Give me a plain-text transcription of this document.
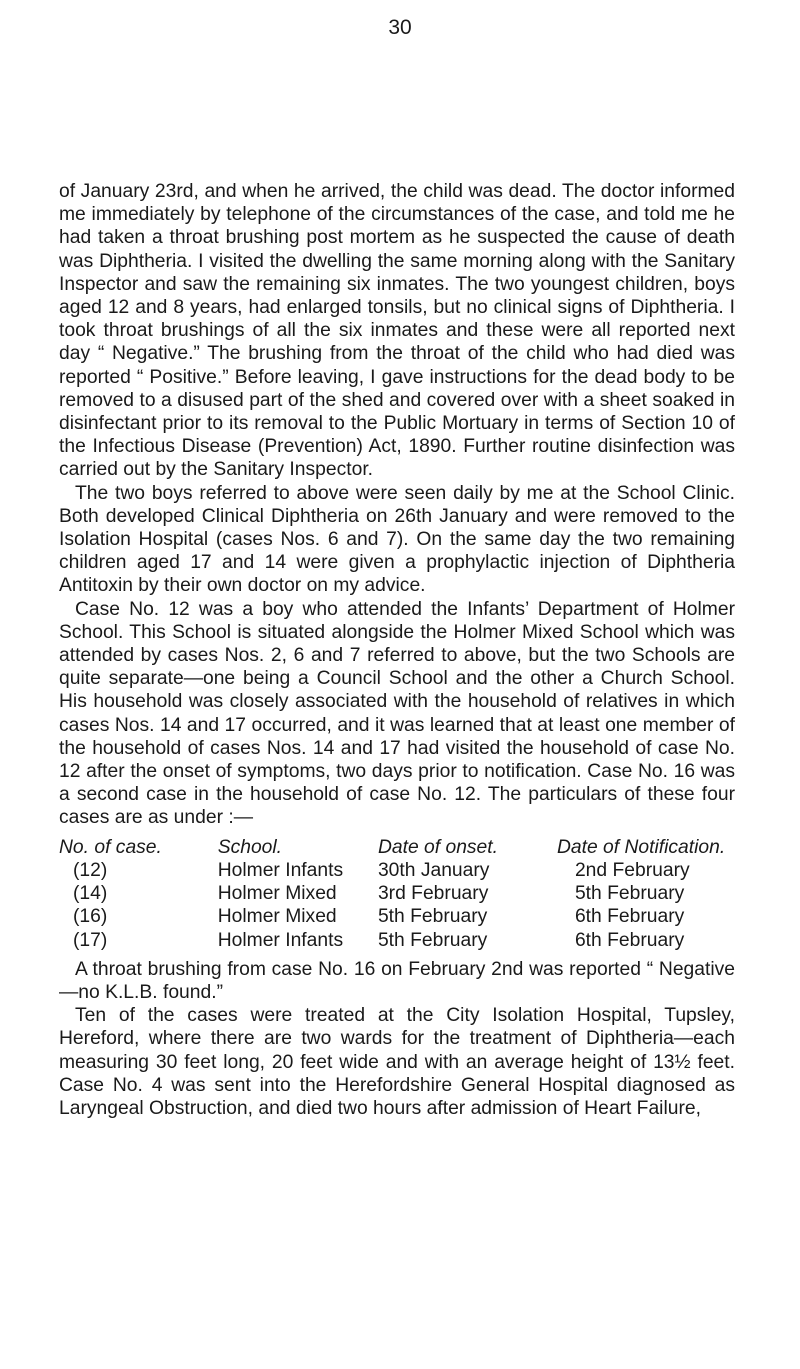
30

of January 23rd, and when he arrived, the child was dead. The doctor informed me immediately by telephone of the circumstances of the case, and told me he had taken a throat brushing post mortem as he suspected the cause of death was Diphtheria. I visited the dwelling the same morning along with the Sanitary Inspector and saw the remaining six inmates. The two youngest children, boys aged 12 and 8 years, had enlarged tonsils, but no clinical signs of Diphtheria. I took throat brushings of all the six inmates and these were all reported next day “ Negative.” The brushing from the throat of the child who had died was reported “ Positive.” Before leaving, I gave instructions for the dead body to be removed to a disused part of the shed and covered over with a sheet soaked in disinfectant prior to its removal to the Public Mortuary in terms of Section 10 of the Infectious Disease (Prevention) Act, 1890. Further routine disinfection was carried out by the Sanitary Inspector.

The two boys referred to above were seen daily by me at the School Clinic. Both developed Clinical Diphtheria on 26th January and were removed to the Isolation Hospital (cases Nos. 6 and 7). On the same day the two remaining children aged 17 and 14 were given a prophylactic injection of Diphtheria Antitoxin by their own doctor on my advice.

Case No. 12 was a boy who attended the Infants’ Department of Holmer School. This School is situated alongside the Holmer Mixed School which was attended by cases Nos. 2, 6 and 7 referred to above, but the two Schools are quite separate—one being a Council School and the other a Church School. His household was closely associated with the household of relatives in which cases Nos. 14 and 17 occurred, and it was learned that at least one member of the household of cases Nos. 14 and 17 had visited the household of case No. 12 after the onset of symptoms, two days prior to notification. Case No. 16 was a second case in the household of case No. 12. The particulars of these four cases are as under :—

No. of case.	School.	Date of onset.	Date of Notification.
(12)	Holmer Infants	30th January	2nd February
(14)	Holmer Mixed	3rd February	5th February
(16)	Holmer Mixed	5th February	6th February
(17)	Holmer Infants	5th February	6th February

A throat brushing from case No. 16 on February 2nd was reported “ Negative—no K.L.B. found.”

Ten of the cases were treated at the City Isolation Hospital, Tupsley, Hereford, where there are two wards for the treatment of Diphtheria—each measuring 30 feet long, 20 feet wide and with an average height of 13½ feet. Case No. 4 was sent into the Herefordshire General Hospital diagnosed as Laryngeal Obstruction, and died two hours after admission of Heart Failure,
